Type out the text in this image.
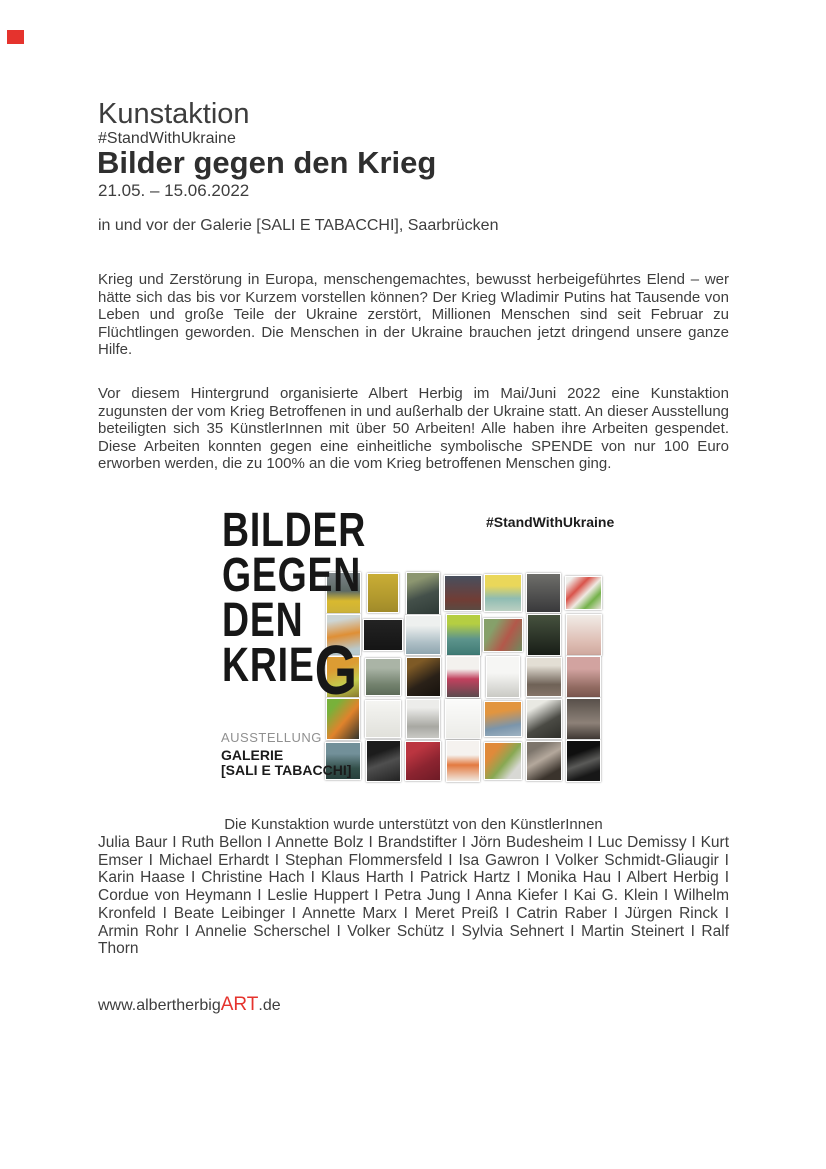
Kunstaktion
#StandWithUkraine
Bilder gegen den Krieg
21.05. – 15.06.2022
in und vor der Galerie [SALI E TABACCHI], Saarbrücken
Krieg und Zerstörung in Europa, menschengemachtes, bewusst herbeigeführtes Elend – wer hätte sich das bis vor Kurzem vorstellen können? Der Krieg Wladimir Putins hat Tausende von Leben und große Teile der Ukraine zerstört, Millionen Menschen sind seit Februar zu Flüchtlingen geworden. Die Menschen in der Ukraine brauchen jetzt dringend unsere ganze Hilfe.
Vor diesem Hintergrund organisierte Albert Herbig im Mai/Juni 2022 eine Kunstaktion zugunsten der vom Krieg Betroffenen in und außerhalb der Ukraine statt. An dieser Ausstellung beteiligten sich 35 KünstlerInnen mit über 50 Arbeiten! Alle haben ihre Arbeiten gespendet. Diese Arbeiten konnten gegen eine einheitliche symbolische SPENDE von nur 100 Euro erworben werden, die zu 100% an die vom Krieg betroffenen Menschen ging.
BILDER
GEGEN
DEN
KRIEG
#StandWithUkraine
AUSSTELLUNG
GALERIE
[SALI E TABACCHI]
Die Kunstaktion wurde unterstützt von den KünstlerInnen
Julia Baur I Ruth Bellon I Annette Bolz I Brandstifter I Jörn Budesheim I Luc Demissy I Kurt Emser I Michael Erhardt I Stephan Flommersfeld I Isa Gawron I Volker Schmidt-Gliaugir I Karin Haase I Christine Hach I Klaus Harth I Patrick Hartz I Monika Hau I Albert Herbig I Cordue von Heymann I Leslie Huppert I Petra Jung I Anna Kiefer I Kai G. Klein I Wilhelm Kronfeld I Beate Leibinger I Annette Marx I Meret Preiß I Catrin Raber I Jürgen Rinck I Armin Rohr I Annelie Scherschel I Volker Schütz I Sylvia Sehnert I Martin Steinert I Ralf Thorn
www.albertherbigART.de
